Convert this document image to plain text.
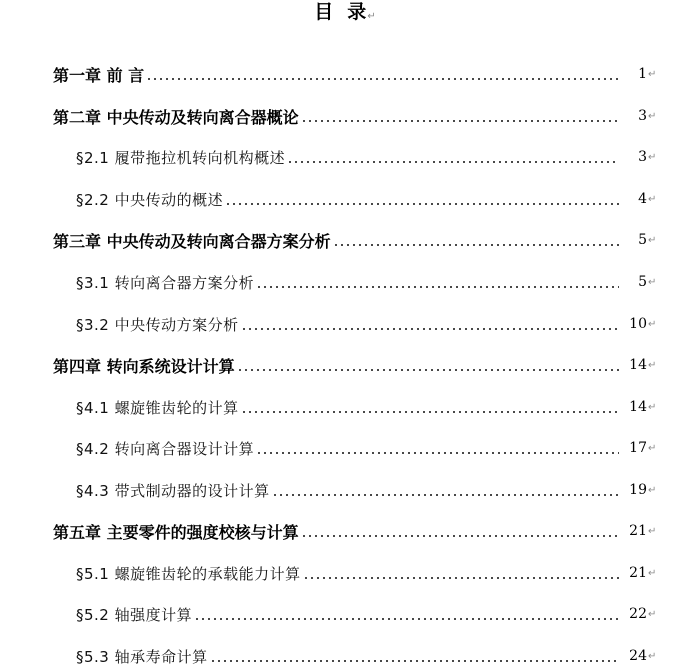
目 录↵
第一章 前 言	1 ↵
第二章 中央传动及转向离合器概论	3 ↵
§2.1 履带拖拉机转向机构概述	3 ↵
§2.2 中央传动的概述	4 ↵
第三章 中央传动及转向离合器方案分析	5 ↵
§3.1 转向离合器方案分析	5 ↵
§3.2 中央传动方案分析	10 ↵
第四章 转向系统设计计算	14 ↵
§4.1 螺旋锥齿轮的计算	14 ↵
§4.2 转向离合器设计计算	17 ↵
§4.3 带式制动器的设计计算	19 ↵
第五章 主要零件的强度校核与计算	21 ↵
§5.1 螺旋锥齿轮的承载能力计算	21 ↵
§5.2 轴强度计算	22 ↵
§5.3 轴承寿命计算	24 ↵
